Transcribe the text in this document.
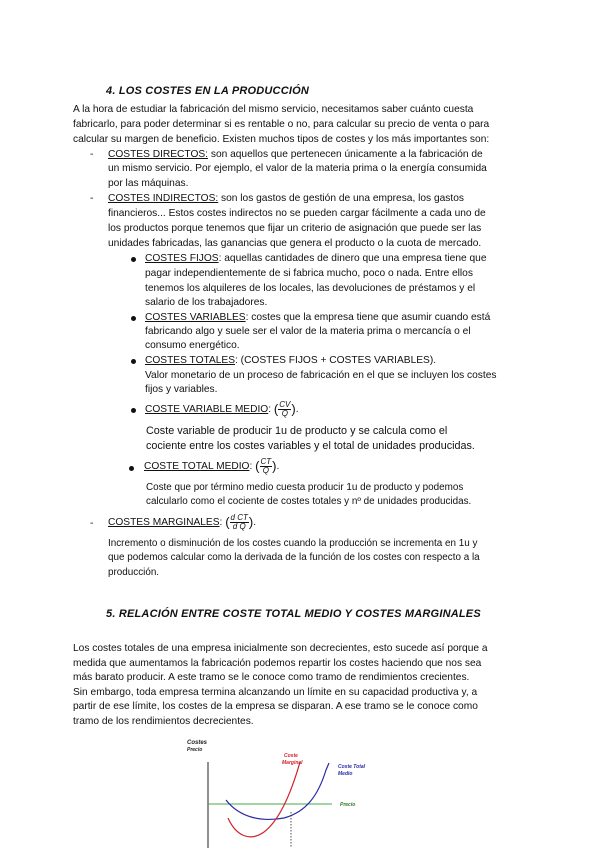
4. LOS COSTES EN LA PRODUCCIÓN
A la hora de estudiar la fabricación del mismo servicio, necesitamos saber cuánto cuesta
fabricarlo, para poder determinar si es rentable o no, para calcular su precio de venta o para
calcular su margen de beneficio. Existen muchos tipos de costes y los más importantes son:
- COSTES DIRECTOS: son aquellos que pertenecen únicamente a la fabricación de
un mismo servicio. Por ejemplo, el valor de la materia prima o la energía consumida
por las máquinas.
- COSTES INDIRECTOS: son los gastos de gestión de una empresa, los gastos
financieros... Estos costes indirectos no se pueden cargar fácilmente a cada uno de
los productos porque tenemos que fijar un criterio de asignación que puede ser las
unidades fabricadas, las ganancias que genera el producto o la cuota de mercado.
COSTES FIJOS: aquellas cantidades de dinero que una empresa tiene que
pagar independientemente de si fabrica mucho, poco o nada. Entre ellos
tenemos los alquileres de los locales, las devoluciones de préstamos y el
salario de los trabajadores.
COSTES VARIABLES: costes que la empresa tiene que asumir cuando está
fabricando algo y suele ser el valor de la materia prima o mercancía o el
consumo energético.
COSTES TOTALES: (COSTES FIJOS + COSTES VARIABLES).
Valor monetario de un proceso de fabricación en el que se incluyen los costes
fijos y variables.
COSTE VARIABLE MEDIO: ( $\frac{CV}{Q}$ ).
Coste variable de producir 1u de producto y se calcula como el
cociente entre los costes variables y el total de unidades producidas.
COSTE TOTAL MEDIO: ( $\frac{CT}{Q}$ ).
Coste que por término medio cuesta producir 1u de producto y podemos
calcularlo como el cociente de costes totales y nº de unidades producidas.
- COSTES MARGINALES: ( $\frac{\text{d CT}}{\text{d Q}}$ ).
Incremento o disminución de los costes cuando la producción se incrementa en 1u y
que podemos calcular como la derivada de la función de los costes con respecto a la
producción.
5. RELACIÓN ENTRE COSTE TOTAL MEDIO Y COSTES MARGINALES
Los costes totales de una empresa inicialmente son decrecientes, esto sucede así porque a
medida que aumentamos la fabricación podemos repartir los costes haciendo que nos sea
más barato producir. A este tramo se le conoce como tramo de rendimientos crecientes.
Sin embargo, toda empresa termina alcanzando un límite en su capacidad productiva y, a
partir de ese límite, los costes de la empresa se disparan. A ese tramo se le conoce como
tramo de los rendimientos decrecientes.
Costes
Precio
Precio
Coste Total
Medio
Coste
Marginal
